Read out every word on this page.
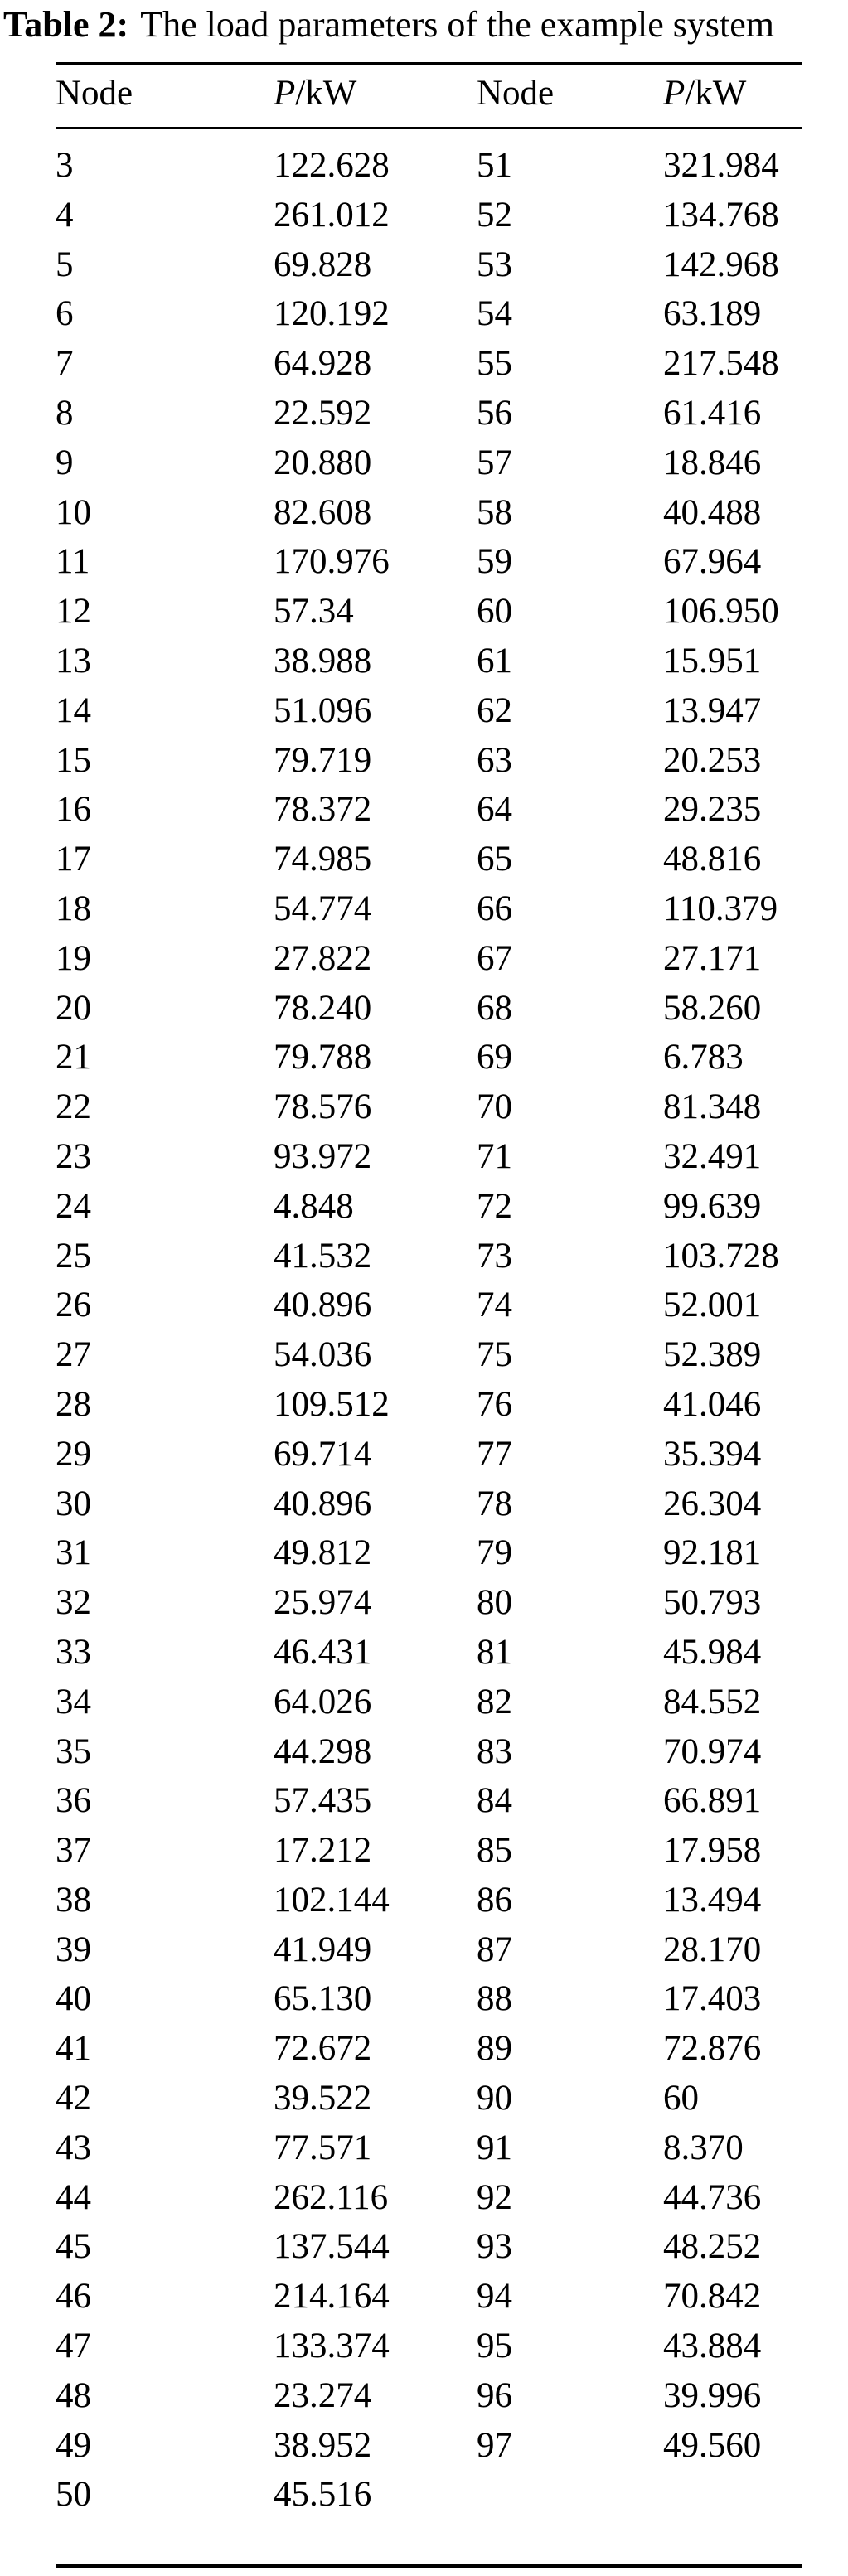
Table 2: The load parameters of the example system
Node	P/kW	Node	P/kW
3	122.628	51	321.984
4	261.012	52	134.768
5	69.828	53	142.968
6	120.192	54	63.189
7	64.928	55	217.548
8	22.592	56	61.416
9	20.880	57	18.846
10	82.608	58	40.488
11	170.976	59	67.964
12	57.34	60	106.950
13	38.988	61	15.951
14	51.096	62	13.947
15	79.719	63	20.253
16	78.372	64	29.235
17	74.985	65	48.816
18	54.774	66	110.379
19	27.822	67	27.171
20	78.240	68	58.260
21	79.788	69	6.783
22	78.576	70	81.348
23	93.972	71	32.491
24	4.848	72	99.639
25	41.532	73	103.728
26	40.896	74	52.001
27	54.036	75	52.389
28	109.512	76	41.046
29	69.714	77	35.394
30	40.896	78	26.304
31	49.812	79	92.181
32	25.974	80	50.793
33	46.431	81	45.984
34	64.026	82	84.552
35	44.298	83	70.974
36	57.435	84	66.891
37	17.212	85	17.958
38	102.144	86	13.494
39	41.949	87	28.170
40	65.130	88	17.403
41	72.672	89	72.876
42	39.522	90	60
43	77.571	91	8.370
44	262.116	92	44.736
45	137.544	93	48.252
46	214.164	94	70.842
47	133.374	95	43.884
48	23.274	96	39.996
49	38.952	97	49.560
50	45.516
